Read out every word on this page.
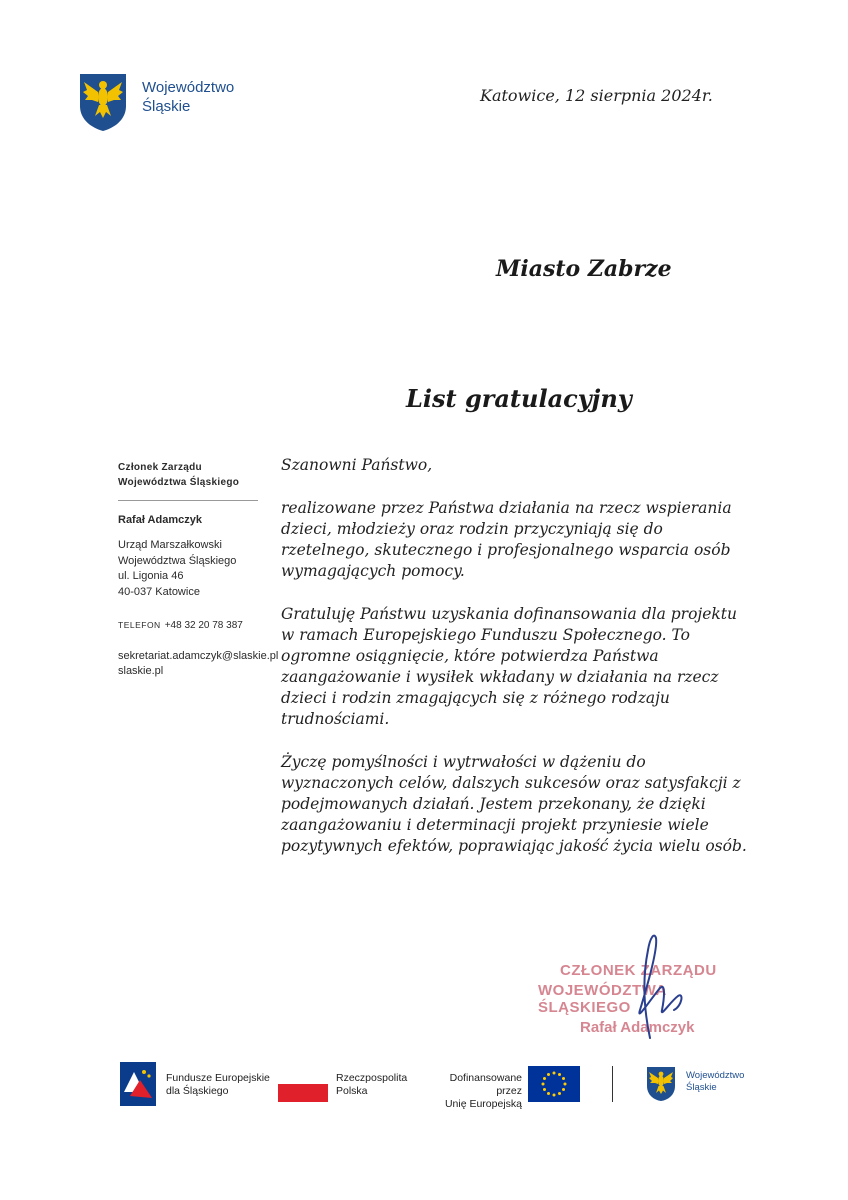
Województwo
Śląskie
Katowice, 12 sierpnia 2024r.
Miasto Zabrze
List gratulacyjny
Członek Zarządu
Województwa Śląskiego
Rafał Adamczyk
Urząd Marszałkowski
Województwa Śląskiego
ul. Ligonia 46
40-037 Katowice
TELEFON +48 32 20 78 387
sekretariat.adamczyk@slaskie.pl
slaskie.pl
Szanowni Państwo,
realizowane przez Państwa działania na rzecz wspierania dzieci, młodzieży oraz rodzin przyczyniają się do rzetelnego, skutecznego i profesjonalnego wsparcia osób wymagających pomocy.
Gratuluję Państwu uzyskania dofinansowania dla projektu w ramach Europejskiego Funduszu Społecznego. To ogromne osiągnięcie, które potwierdza Państwa zaangażowanie i wysiłek wkładany w działania na rzecz dzieci i rodzin zmagających się z różnego rodzaju trudnościami.
Życzę pomyślności i wytrwałości w dążeniu do wyznaczonych celów, dalszych sukcesów oraz satysfakcji z podejmowanych działań. Jestem przekonany, że dzięki zaangażowaniu i determinacji projekt przyniesie wiele pozytywnych efektów, poprawiając jakość życia wielu osób.
CZŁONEK ZARZĄDU
WOJEWÓDZTWA ŚLĄSKIEGO
Rafał Adamczyk
Fundusze Europejskie
dla Śląskiego
Rzeczpospolita
Polska
Dofinansowane przez
Unię Europejską
Województwo
Śląskie
